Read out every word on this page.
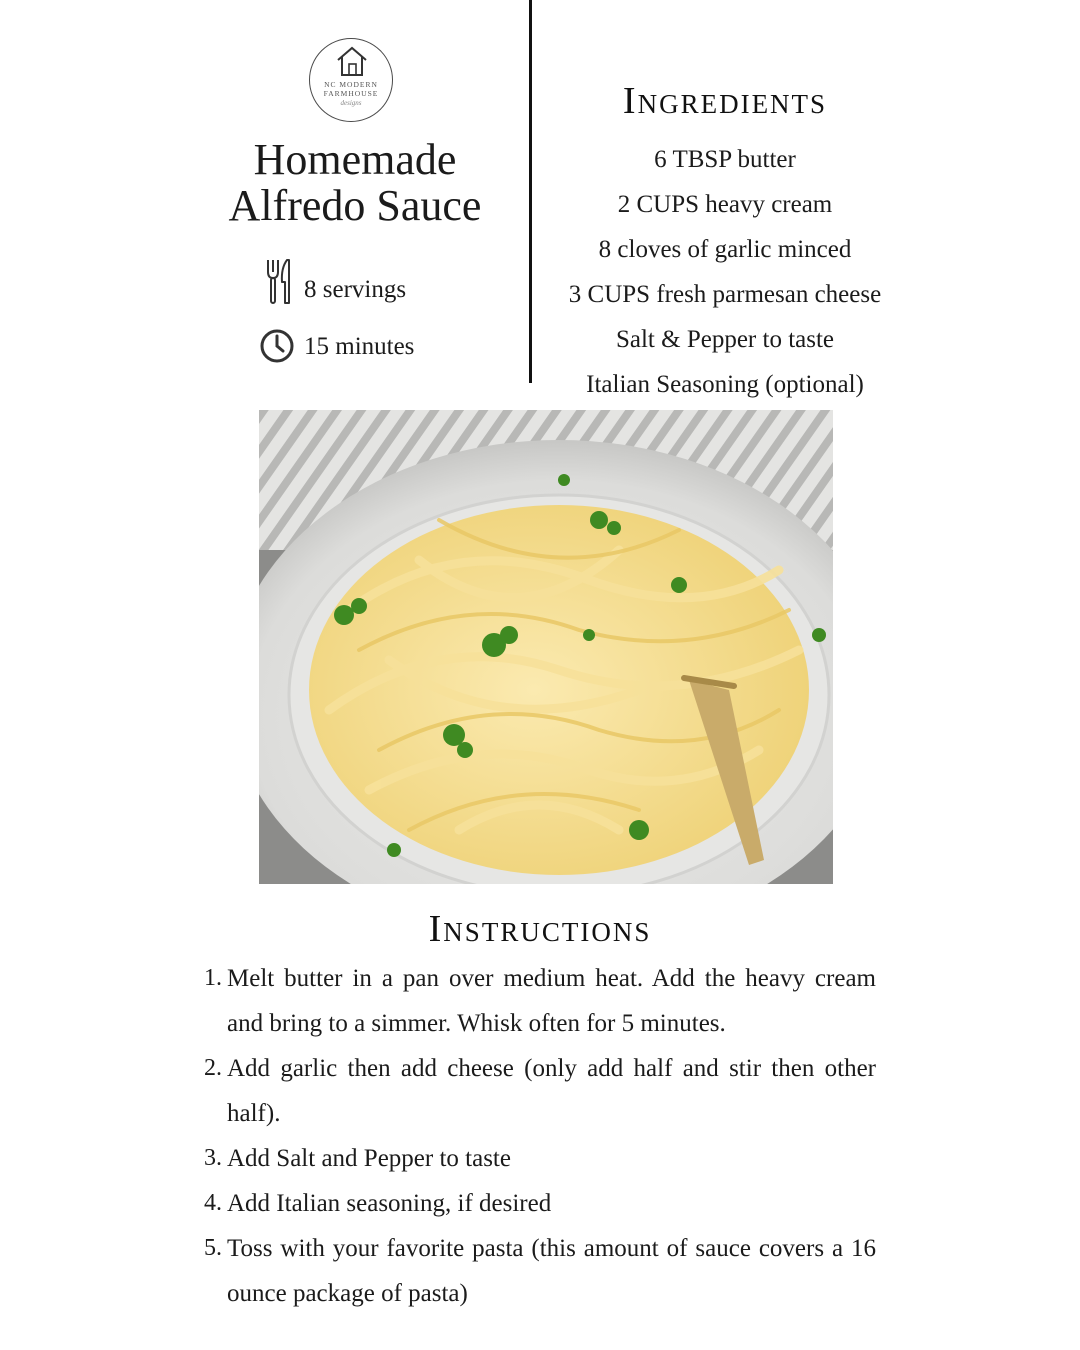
NC MODERN
FARMHOUSE
designs
Homemade
Alfredo Sauce
8 servings
15 minutes
Ingredients
6 TBSP butter
2 CUPS heavy cream
8 cloves of garlic minced
3 CUPS fresh parmesan cheese
Salt & Pepper to taste
Italian Seasoning (optional)
Instructions
1. Melt butter in a pan over medium heat. Add the heavy cream and bring to a simmer. Whisk often for 5 minutes.
2. Add garlic then add cheese (only add half and stir then other half).
3. Add Salt and Pepper to taste
4. Add Italian seasoning, if desired
5. Toss with your favorite pasta (this amount of sauce covers a 16 ounce package of pasta)
